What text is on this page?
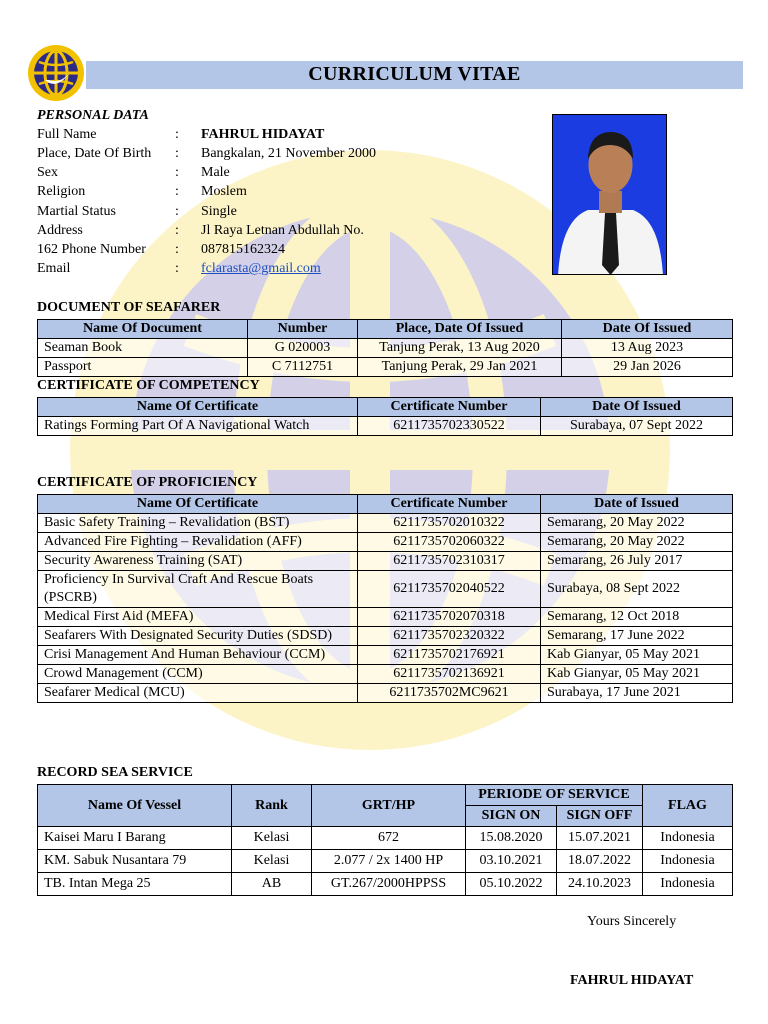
CURRICULUM VITAE
PERSONAL DATA
Full Name	: FAHRUL HIDAYAT
Place, Date Of Birth	: Bangkalan, 21 November 2000
Sex	: Male
Religion	: Moslem
Martial Status	: Single
Address	: Jl Raya Letnan Abdullah No.
162 Phone Number	: 087815162324
Email	: fclarasta@gmail.com
DOCUMENT OF SEAFARER
Name Of Document	Number	Place, Date Of Issued	Date Of Issued
Seaman Book	G 020003	Tanjung Perak, 13 Aug 2020	13 Aug 2023
Passport	C 7112751	Tanjung Perak, 29 Jan 2021	29 Jan 2026
CERTIFICATE OF COMPETENCY
Name Of Certificate	Certificate Number	Date Of Issued
Ratings Forming Part Of A Navigational Watch	6211735702330522	Surabaya, 07 Sept 2022
CERTIFICATE OF PROFICIENCY
Name Of Certificate	Certificate Number	Date of Issued
Basic Safety Training – Revalidation (BST)	6211735702010322	Semarang, 20 May 2022
Advanced Fire Fighting – Revalidation (AFF)	6211735702060322	Semarang, 20 May 2022
Security Awareness Training (SAT)	6211735702310317	Semarang, 26 July 2017
Proficiency In Survival Craft And Rescue Boats (PSCRB)	6211735702040522	Surabaya, 08 Sept 2022
Medical First Aid (MEFA)	6211735702070318	Semarang, 12 Oct 2018
Seafarers With Designated Security Duties (SDSD)	6211735702320322	Semarang, 17 June 2022
Crisi Management And Human Behaviour (CCM)	6211735702176921	Kab Gianyar, 05 May 2021
Crowd Management (CCM)	6211735702136921	Kab Gianyar, 05 May 2021
Seafarer Medical (MCU)	6211735702MC9621	Surabaya, 17 June 2021
RECORD SEA SERVICE
Name Of Vessel	Rank	GRT/HP	PERIODE OF SERVICE		FLAG
			SIGN ON	SIGN OFF	
Kaisei Maru I Barang	Kelasi	672	15.08.2020	15.07.2021	Indonesia
KM. Sabuk Nusantara 79	Kelasi	2.077 / 2x 1400 HP	03.10.2021	18.07.2022	Indonesia
TB. Intan Mega 25	AB	GT.267/2000HPPSS	05.10.2022	24.10.2023	Indonesia
Yours Sincerely
FAHRUL HIDAYAT
